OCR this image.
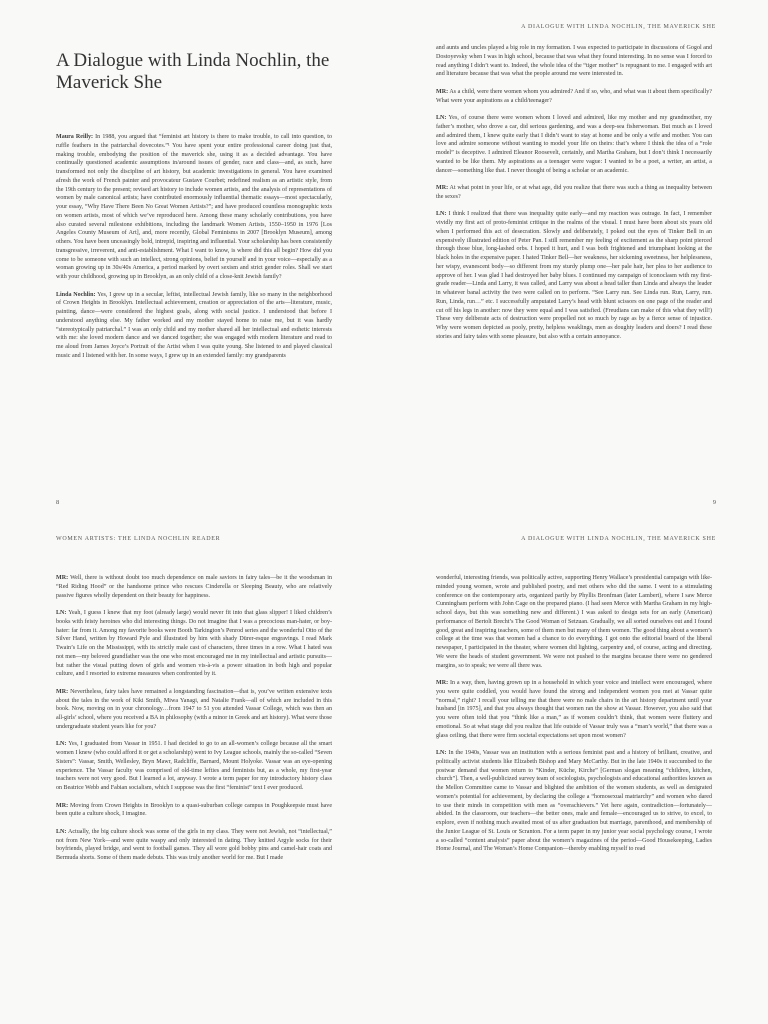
A Dialogue with Linda Nochlin, the Maverick She

Maura Reilly: In 1988, you argued that “feminist art history is there to make trouble, to call into question, to ruffle feathers in the patriarchal dovecotes.”¹ You have spent your entire professional career doing just that, making trouble, embodying the position of the maverick she, using it as a decided advantage. You have continually questioned academic assumptions in/around issues of gender, race and class—and, as such, have transformed not only the discipline of art history, but academic investigations in general. You have examined afresh the work of French painter and provocateur Gustave Courbet; redefined realism as an artistic style, from the 19th century to the present; revised art history to include women artists, and the analysis of representations of women by male canonical artists; have contributed enormously influential thematic essays—most spectacularly, your essay, “Why Have There Been No Great Women Artists?”; and have produced countless monographic texts on women artists, most of which we’ve reproduced here. Among these many scholarly contributions, you have also curated several milestone exhibitions, including the landmark Women Artists, 1550–1950 in 1976 [Los Angeles County Museum of Art], and, more recently, Global Feminisms in 2007 [Brooklyn Museum], among others. You have been unceasingly bold, intrepid, inspiring and influential. Your scholarship has been consistently transgressive, irreverent, and anti-establishment. What I want to know, is where did this all begin? How did you come to be someone with such an intellect, strong opinions, belief in yourself and in your voice—especially as a woman growing up in 30s/40s America, a period marked by overt sexism and strict gender roles. Shall we start with your childhood, growing up in Brooklyn, as an only child of a close-knit Jewish family?

Linda Nochlin: Yes, I grew up in a secular, leftist, intellectual Jewish family, like so many in the neighborhood of Crown Heights in Brooklyn. Intellectual achievement, creation or appreciation of the arts—literature, music, painting, dance—were considered the highest goals, along with social justice. I understood that before I understood anything else. My father worked and my mother stayed home to raise me, but it was hardly “stereotypically patriarchal.” I was an only child and my mother shared all her intellectual and esthetic interests with me: she loved modern dance and we danced together; she was engaged with modern literature and read to me aloud from James Joyce’s Portrait of the Artist when I was quite young. She listened to and played classical music and I listened with her. In some ways, I grew up in an extended family: my grandparents

8
A DIALOGUE WITH LINDA NOCHLIN, THE MAVERICK SHE

and aunts and uncles played a big role in my formation. I was expected to participate in discussions of Gogol and Dostoyevsky when I was in high school, because that was what they found interesting. In no sense was I forced to read anything I didn’t want to. Indeed, the whole idea of the “tiger mother” is repugnant to me. I engaged with art and literature because that was what the people around me were interested in.

MR: As a child, were there women whom you admired? And if so, who, and what was it about them specifically? What were your aspirations as a child/teenager?

LN: Yes, of course there were women whom I loved and admired, like my mother and my grandmother, my father’s mother, who drove a car, did serious gardening, and was a deep-sea fisherwoman. But much as I loved and admired them, I knew quite early that I didn’t want to stay at home and be only a wife and mother. You can love and admire someone without wanting to model your life on theirs: that’s where I think the idea of a “role model” is deceptive. I admired Eleanor Roosevelt, certainly, and Martha Graham, but I don’t think I necessarily wanted to be like them. My aspirations as a teenager were vague: I wanted to be a poet, a writer, an artist, a dancer—something like that. I never thought of being a scholar or an academic.

MR: At what point in your life, or at what age, did you realize that there was such a thing as inequality between the sexes?

LN: I think I realized that there was inequality quite early—and my reaction was outrage. In fact, I remember vividly my first act of proto-feminist critique in the realms of the visual. I must have been about six years old when I performed this act of desecration. Slowly and deliberately, I poked out the eyes of Tinker Bell in an expensively illustrated edition of Peter Pan. I still remember my feeling of excitement as the sharp point pierced through those blue, long-lashed orbs. I hoped it hurt, and I was both frightened and triumphant looking at the black holes in the expensive paper. I hated Tinker Bell—her weakness, her sickening sweetness, her helplessness, her wispy, evanescent body—so different from my sturdy plump one—her pale hair, her plea to her audience to approve of her. I was glad I had destroyed her baby blues. I continued my campaign of iconoclasm with my first-grade reader—Linda and Larry, it was called, and Larry was about a head taller than Linda and always the leader in whatever banal activity the two were called on to perform. “See Larry run. See Linda run. Run, Larry, run. Run, Linda, run…” etc. I successfully amputated Larry’s head with blunt scissors on one page of the reader and cut off his legs in another: now they were equal and I was satisfied. (Freudians can make of this what they will!) These very deliberate acts of destruction were propelled not so much by rage as by a fierce sense of injustice. Why were women depicted as pooly, pretty, helpless weaklings, men as doughty leaders and doers? I read these stories and fairy tales with some pleasure, but also with a certain annoyance.

9
WOMEN ARTISTS: THE LINDA NOCHLIN READER

MR: Well, there is without doubt too much dependence on male saviors in fairy tales—be it the woodsman in “Red Riding Hood” or the handsome prince who rescues Cinderella or Sleeping Beauty, who are relatively passive figures wholly dependent on their beauty for happiness.

LN: Yeah, I guess I knew that my foot (already large) would never fit into that glass slipper! I liked children’s books with feisty heroines who did interesting things. Do not imagine that I was a precocious man-hater, or boy-hater: far from it. Among my favorite books were Booth Tarkington’s Penrod series and the wonderful Otto of the Silver Hand, written by Howard Pyle and illustrated by him with shady Dürer-esque engravings. I read Mark Twain’s Life on the Mississippi, with its strictly male cast of characters, three times in a row. What I hated was not men—my beloved grandfather was the one who most encouraged me in my intellectual and artistic pursuits—but rather the visual putting down of girls and women vis-à-vis a power situation in both high and popular culture, and I resorted to extreme measures when confronted by it.

MR: Nevertheless, fairy tales have remained a longstanding fascination—that is, you’ve written extensive texts about the tales in the work of Kiki Smith, Miwa Yanagi, and Natalie Frank—all of which are included in this book. Now, moving on in your chronology…from 1947 to 51 you attended Vassar College, which was then an all-girls’ school, where you received a BA in philosophy (with a minor in Greek and art history). What were those undergraduate student years like for you?

LN: Yes, I graduated from Vassar in 1951. I had decided to go to an all-women’s college because all the smart women I knew (who could afford it or get a scholarship) went to Ivy League schools, mainly the so-called “Seven Sisters”: Vassar, Smith, Wellesley, Bryn Mawr, Radcliffe, Barnard, Mount Holyoke. Vassar was an eye-opening experience. The Vassar faculty was comprised of old-time lefties and feminists but, as a whole, my first-year teachers were not very good. But I learned a lot, anyway. I wrote a term paper for my introductory history class on Beatrice Webb and Fabian socialism, which I suppose was the first “feminist” text I ever produced.

MR: Moving from Crown Heights in Brooklyn to a quasi-suburban college campus in Poughkeepsie must have been quite a culture shock, I imagine.

LN: Actually, the big culture shock was some of the girls in my class. They were not Jewish, not “intellectual,” not from New York—and were quite waspy and only interested in dating. They knitted Argyle socks for their boyfriends, played bridge, and went to football games. They all wore gold bobby pins and camel-hair coats and Bermuda shorts. Some of them made debuts. This was truly another world for me. But I made

A DIALOGUE WITH LINDA NOCHLIN, THE MAVERICK SHE

wonderful, interesting friends, was politically active, supporting Henry Wallace’s presidential campaign with like-minded young women, wrote and published poetry, and met others who did the same. I went to a stimulating conference on the contemporary arts, organized partly by Phyllis Bronfman (later Lambert), where I saw Merce Cunningham perform with John Cage on the prepared piano. (I had seen Merce with Martha Graham in my high-school days, but this was something new and different.) I was asked to design sets for an early (American) performance of Bertolt Brecht’s The Good Woman of Setzuan. Gradually, we all sorted ourselves out and I found good, great and inspiring teachers, some of them men but many of them women. The good thing about a women’s college at the time was that women had a chance to do everything. I got onto the editorial board of the liberal newspaper, I participated in the theater, where women did lighting, carpentry and, of course, acting and directing. We were the heads of student government. We were not pushed to the margins because there were no gendered margins, so to speak; we were all there was.

MR: In a way, then, having grown up in a household in which your voice and intellect were encouraged, where you were quite coddled, you would have found the strong and independent women you met at Vassar quite “normal,” right? I recall your telling me that there were no male chairs in the art history department until your husband [in 1975], and that you always thought that women ran the show at Vassar. However, you also said that you were often told that you “think like a man,” as if women couldn’t think, that women were fluttery and emotional. So at what stage did you realize that life outside of Vassar truly was a “man’s world,” that there was a glass ceiling, that there were firm societal expectations set upon most women?

LN: In the 1940s, Vassar was an institution with a serious feminist past and a history of brilliant, creative, and politically activist students like Elizabeth Bishop and Mary McCarthy. But in the late 1940s it succumbed to the postwar demand that women return to “Kinder, Küche, Kirche” [German slogan meaning “children, kitchen, church”]. Then, a well-publicized survey team of sociologists, psychologists and educational authorities known as the Mellon Committee came to Vassar and blighted the ambition of the women students, as well as denigrated women’s potential for achievement, by declaring the college a “homosexual matriarchy” and women who dared to use their minds in competition with men as “overachievers.” Yet here again, contradiction—fortunately—abided. In the classroom, our teachers—the better ones, male and female—encouraged us to strive, to excel, to explore, even if nothing much awaited most of us after graduation but marriage, parenthood, and membership of the Junior League of St. Louis or Scranton. For a term paper in my junior year social psychology course, I wrote a so-called “content analysis” paper about the women’s magazines of the period—Good Housekeeping, Ladies Home Journal, and The Woman’s Home Companion—thereby enabling myself to read
